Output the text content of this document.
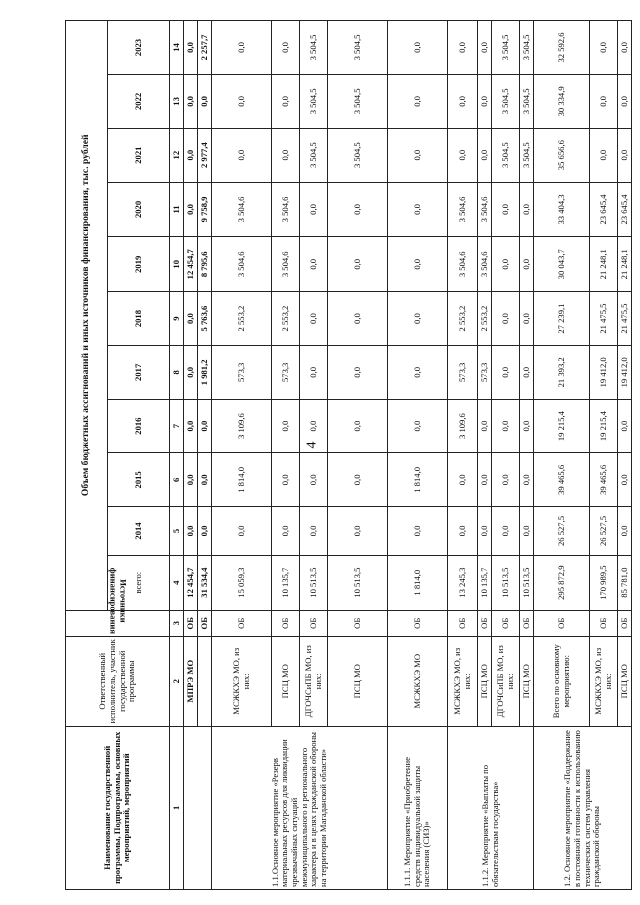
4
Наименование государственной программы, Подпрограммы, основных мероприятий, мероприятий	Ответственный исполнитель, участник государственной программы	Источники финансирования	Объем бюджетных ассигнований и иных источников финансирования, тыс. рублей										
			всего:	2014	2015	2016	2017	2018	2019	2020	2021	2022	2023
1	2	3	4	5	6	7	8	9	10	11	12	13	14
	МПРЭ МО	ОБ	12 454,7	0,0	0,0	0,0	0,0	0,0	12 454,7	0,0	0,0	0,0	0,0
		ОБ	31 534,4	0,0	0,0	0,0	1 981,2	5 763,6	8 795,6	9 758,9	2 977,4	0,0	2 257,7
1.1.Основное мероприятие «Резерв материальных ресурсов для ликвидации чрезвычайных ситуаций межмуниципального и регионального характера и в целях гражданской обороны на территории Магаданской области»	МСЖКХЭ МО, из них:	ОБ	15 059,3	0,0	1 814,0	3 109,6	573,3	2 553,2	3 504,6	3 504,6	0,0	0,0	0,0
	ПСЦ МО	ОБ	10 135,7	0,0	0,0	0,0	573,3	2 553,2	3 504,6	3 504,6	0,0	0,0	0,0
	ДГОЧСиПБ МО, из них:	ОБ	10 513,5	0,0	0,0	0,0	0,0	0,0	0,0	0,0	3 504,5	3 504,5	3 504,5
	ПСЦ МО	ОБ	10 513,5	0,0	0,0	0,0	0,0	0,0	0,0	0,0	3 504,5	3 504,5	3 504,5
1.1.1. Мероприятие «Приобретение средств индивидуальной защиты населения (СИЗ)»	МСЖКХЭ МО	ОБ	1 814,0	0,0	1 814,0	0,0	0,0	0,0	0,0	0,0	0,0	0,0	0,0
1.1.2. Мероприятие «Выплаты по обязательствам государства»	МСЖКХЭ МО, из них:	ОБ	13 245,3	0,0	0,0	3 109,6	573,3	2 553,2	3 504,6	3 504,6	0,0	0,0	0,0
	ПСЦ МО	ОБ	10 135,7	0,0	0,0	0,0	573,3	2 553,2	3 504,6	3 504,6	0,0	0,0	0,0
	ДГОЧСиПБ МО, из них:	ОБ	10 513,5	0,0	0,0	0,0	0,0	0,0	0,0	0,0	3 504,5	3 504,5	3 504,5
	ПСЦ МО	ОБ	10 513,5	0,0	0,0	0,0	0,0	0,0	0,0	0,0	3 504,5	3 504,5	3 504,5
1.2. Основное мероприятие «Поддержание в постоянной готовности к использованию технических систем управления гражданской обороны	Всего по основному мероприятию:	ОБ	295 872,9	26 527,5	39 465,6	19 215,4	21 393,2	27 239,1	30 043,7	33 404,3	35 656,6	30 334,9	32 592,6
	МСЖКХЭ МО, из них:	ОБ	170 989,5	26 527,5	39 465,6	19 215,4	19 412,0	21 475,5	21 248,1	23 645,4	0,0	0,0	0,0
	ПСЦ МО	ОБ	85 781,0	0,0	0,0	0,0	19 412,0	21 475,5	21 248,1	23 645,4	0,0	0,0	0,0
